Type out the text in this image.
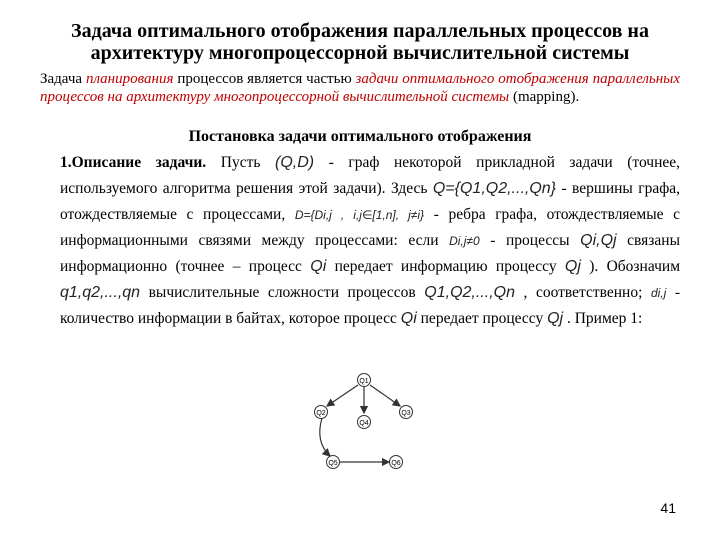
Задача оптимального отображения параллельных процессов на
архитектуру многопроцессорной вычислительной системы
Задача планирования процессов является частью задачи оптимального отображения параллельных процессов на архитектуру многопроцессорной вычислительной системы (mapping).
Постановка задачи оптимального отображения
1.Описание задачи. Пусть (Q,D) - граф некоторой прикладной задачи (точнее, используемого алгоритма решения этой задачи). Здесь Q={Q1,Q2,...,Qn} - вершины графа, отождествляемые с процессами, D={Di,j , i,j∈[1,n], j≠i} - ребра графа, отождествляемые с информационными связями между процессами: если Di,j≠0 - процессы Qi,Qj связаны информационно (точнее – процесс Qi передает информацию процессу Qj ). Обозначим q1,q2,...,qn вычислительные сложности процессов Q1,Q2,...,Qn , соответственно; di,j - количество информации в байтах, которое процесс Qi передает процессу Qj . Пример 1:
Q1
Q2	Q3
Q4
Q5	Q6
41
